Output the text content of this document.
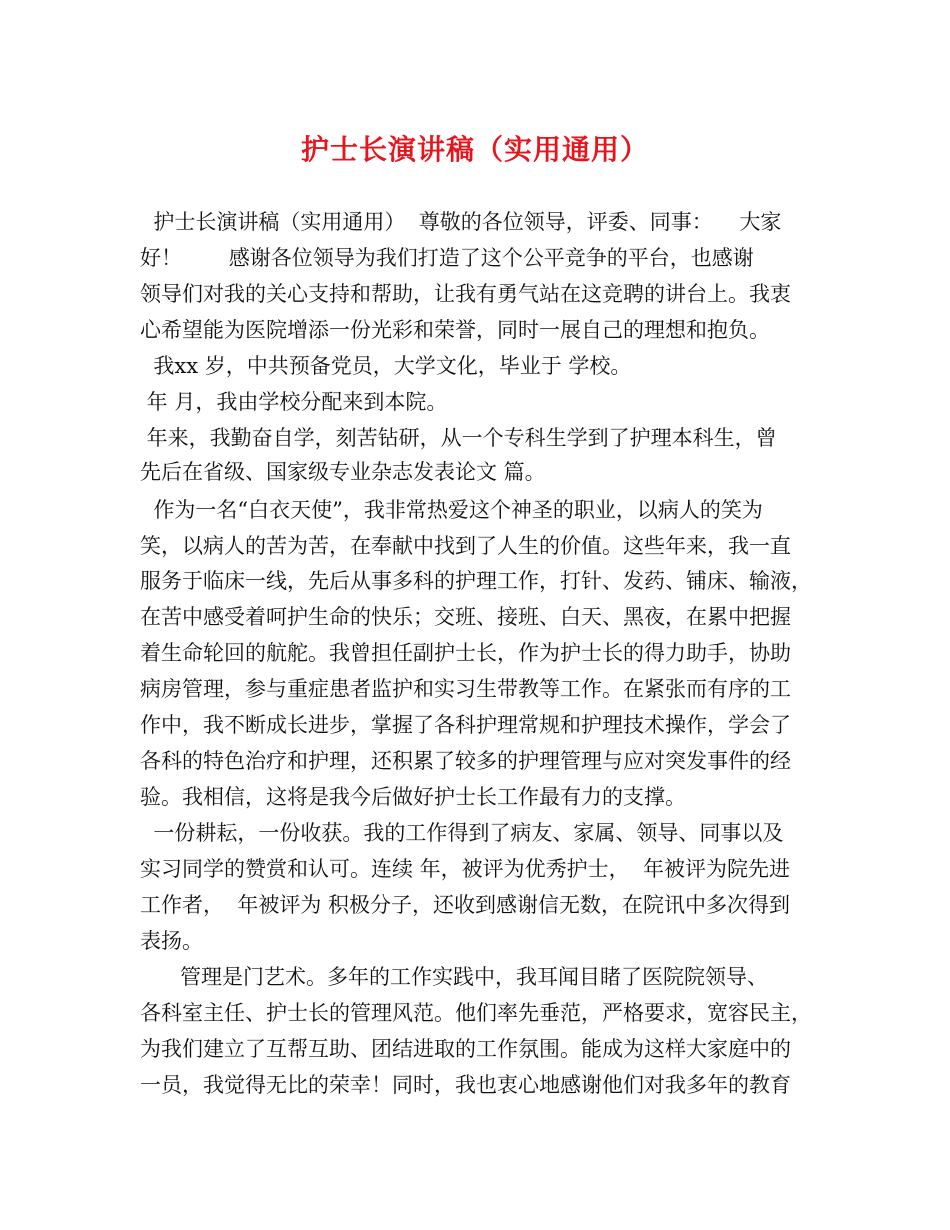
护士长演讲稿（实用通用）
护士长演讲稿（实用通用）  尊敬的各位领导，评委、同事：    大家
好！       感谢各位领导为我们打造了这个公平竞争的平台，也感谢
领导们对我的关心支持和帮助，让我有勇气站在这竞聘的讲台上。我衷
心希望能为医院增添一份光彩和荣誉，同时一展自己的理想和抱负。
我xx 岁，中共预备党员，大学文化，毕业于 学校。
年 月，我由学校分配来到本院。
年来，我勤奋自学，刻苦钻研，从一个专科生学到了护理本科生，曾
先后在省级、国家级专业杂志发表论文 篇。
作为一名“白衣天使”，我非常热爱这个神圣的职业，以病人的笑为
笑，以病人的苦为苦，在奉献中找到了人生的价值。这些年来，我一直
服务于临床一线，先后从事多科的护理工作，打针、发药、铺床、输液，
在苦中感受着呵护生命的快乐；交班、接班、白天、黑夜，在累中把握
着生命轮回的航舵。我曾担任副护士长，作为护士长的得力助手，协助
病房管理，参与重症患者监护和实习生带教等工作。在紧张而有序的工
作中，我不断成长进步，掌握了各科护理常规和护理技术操作，学会了
各科的特色治疗和护理，还积累了较多的护理管理与应对突发事件的经
验。我相信，这将是我今后做好护士长工作最有力的支撑。
一份耕耘，一份收获。我的工作得到了病友、家属、领导、同事以及
实习同学的赞赏和认可。连续 年，被评为优秀护士，  年被评为院先进
工作者，  年被评为 积极分子，还收到感谢信无数，在院讯中多次得到
表扬。
管理是门艺术。多年的工作实践中，我耳闻目睹了医院院领导、
各科室主任、护士长的管理风范。他们率先垂范，严格要求，宽容民主，
为我们建立了互帮互助、团结进取的工作氛围。能成为这样大家庭中的
一员，我觉得无比的荣幸！同时，我也衷心地感谢他们对我多年的教育
